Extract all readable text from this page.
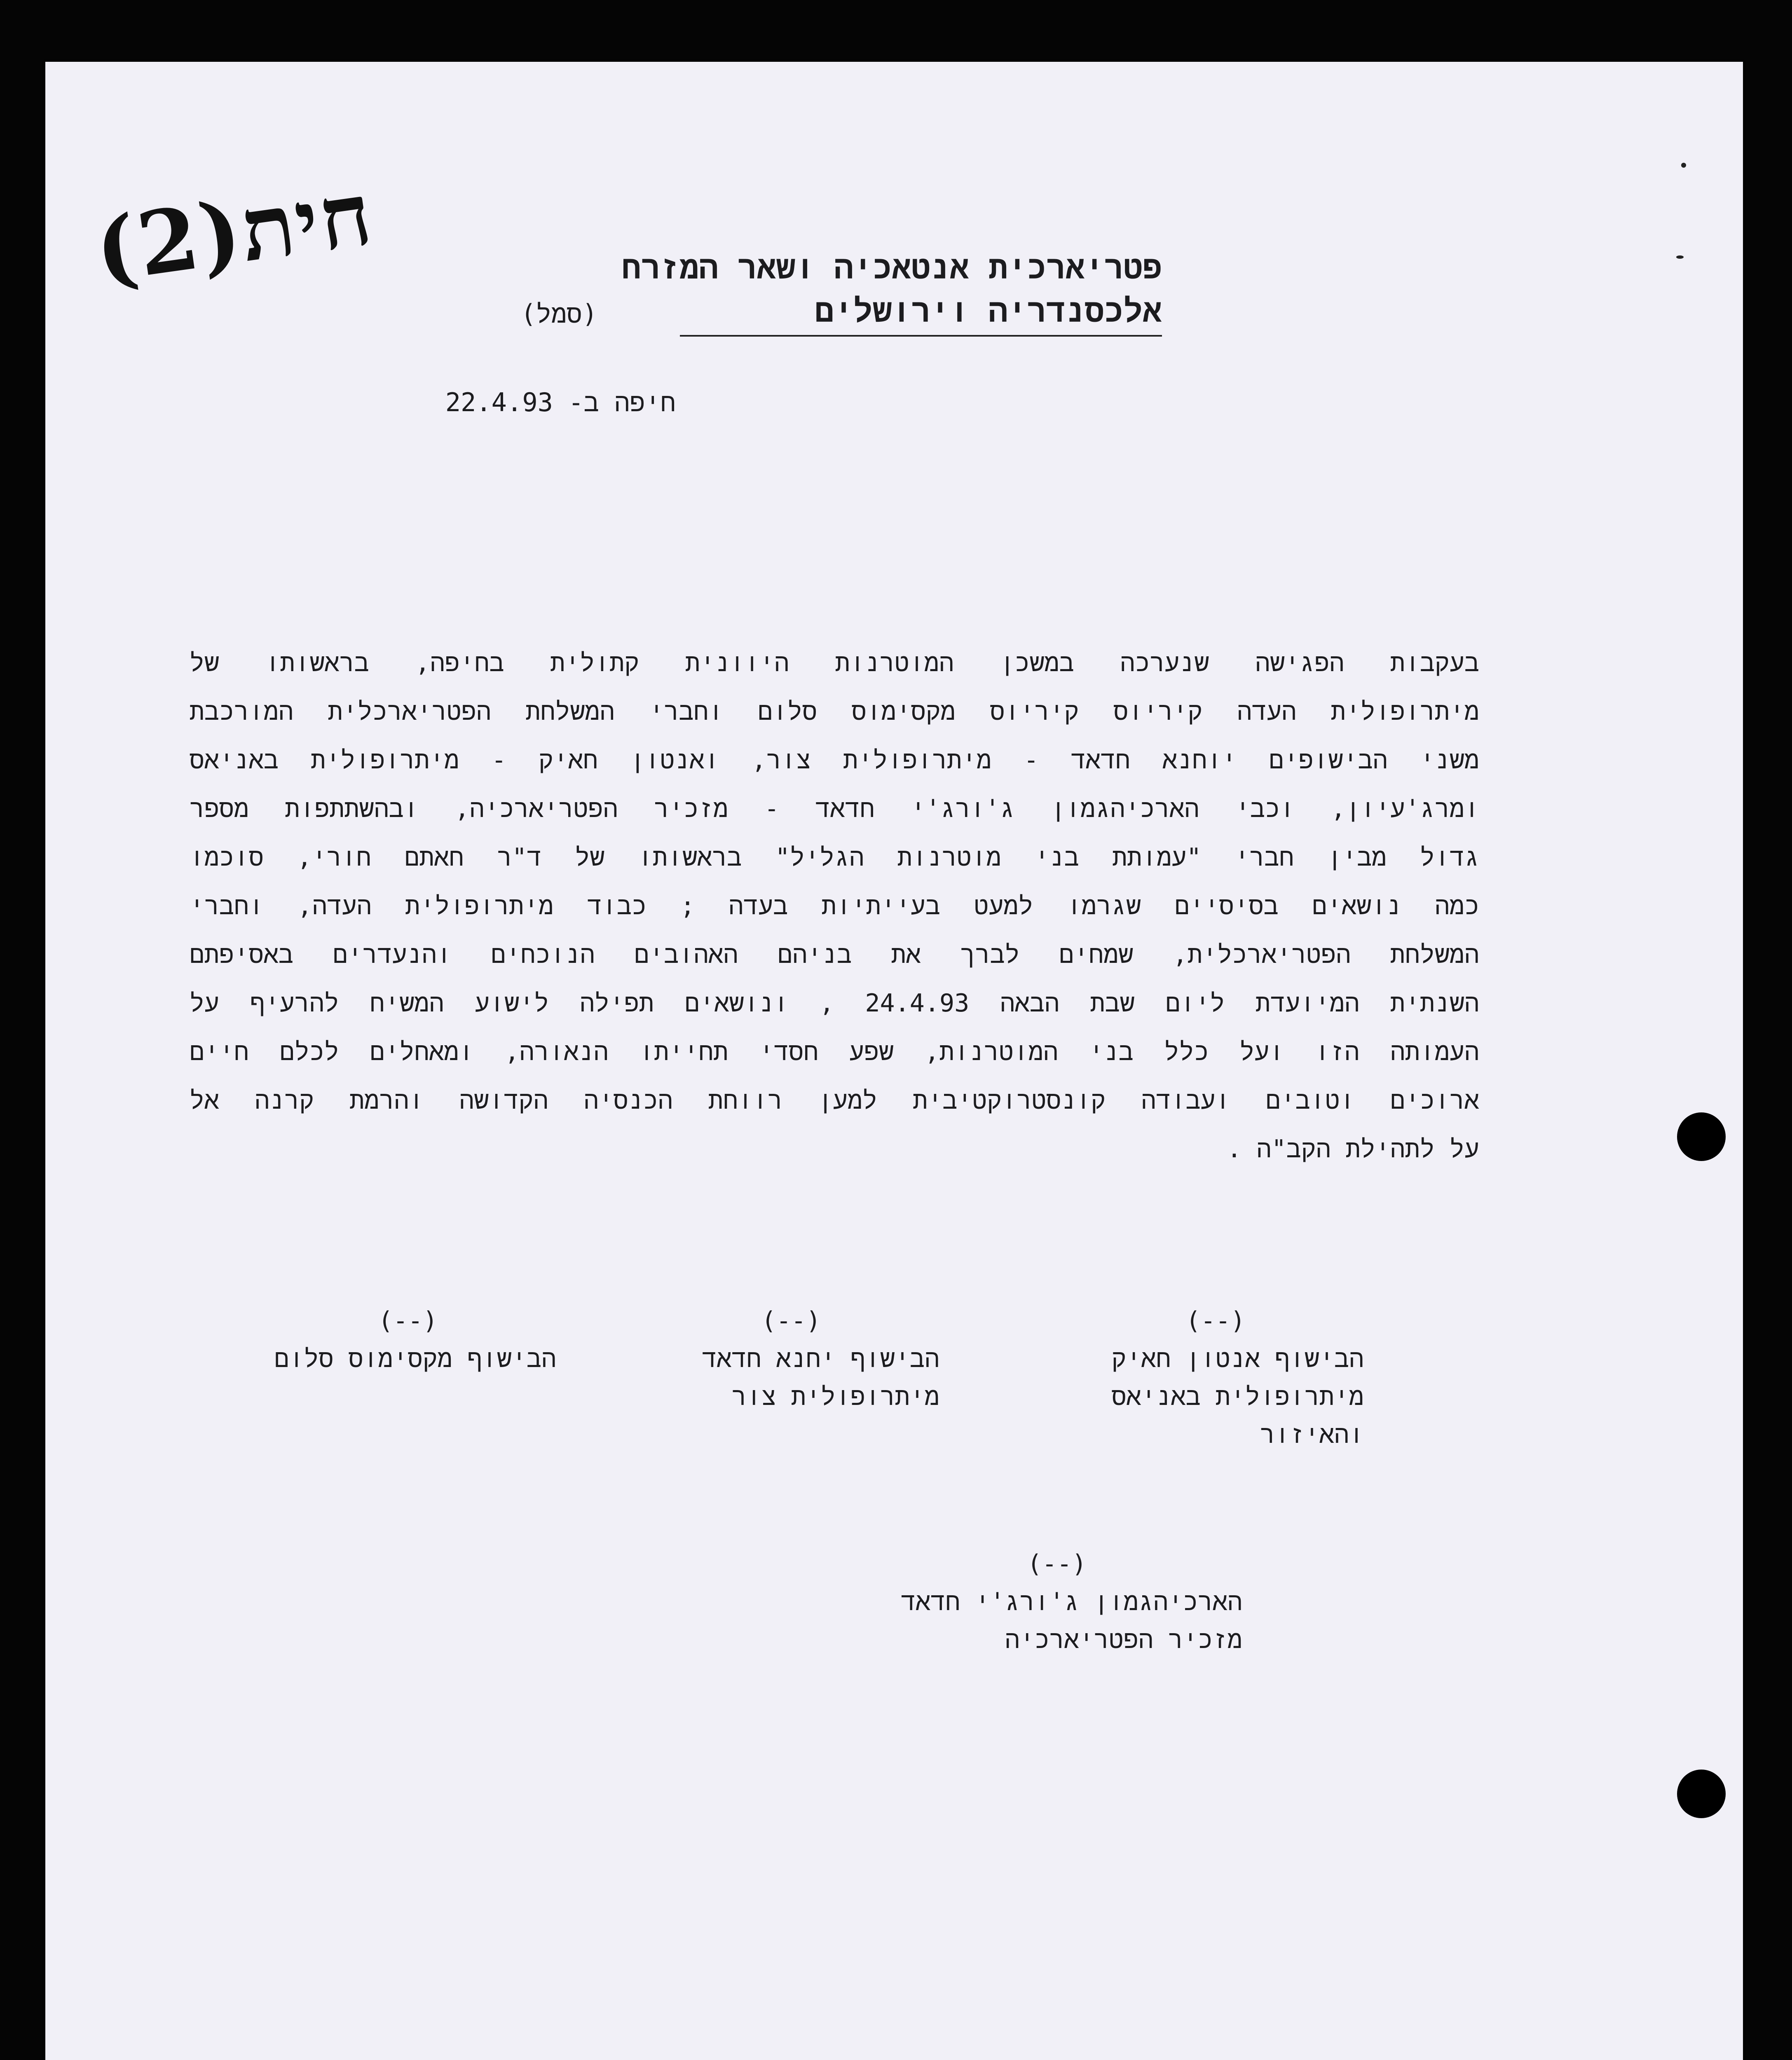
חית(2)	פטריארכית אנטאכיה ושאר המזרח
אלכסנדריה וירושלים
(סמל)
חיפה ב- 22.4.93
בעקבות הפגישה שנערכה במשכן המוטרנות היוונית קתולית בחיפה, בראשותו של
מיתרופולית העדה קיריוס קיריוס מקסימוס סלום וחברי המשלחת הפטריארכלית המורכבת
משני הבישופים יוחנא חדאד - מיתרופולית צור, ואנטון חאיק - מיתרופולית באניאס
ומרג'עיון, וכבי הארכיהגמון ג'ורג'י חדאד - מזכיר הפטריארכיה, ובהשתתפות מספר
גדול מבין חברי "עמותת בני מוטרנות הגליל" בראשותו של ד"ר חאתם חורי, סוכמו
כמה נושאים בסיסיים שגרמו למעט בעייתיות בעדה ; כבוד מיתרופולית העדה, וחברי
המשלחת הפטריארכלית, שמחים לברך את בניהם האהובים הנוכחים והנעדרים באסיפתם
השנתית המיועדת ליום שבת הבאה 24.4.93 , ונושאים תפילה לישוע המשיח להרעיף על
העמותה הזו ועל כלל בני המוטרנות, שפע חסדי תחייתו הנאורה, ומאחלים לכלם חיים
ארוכים וטובים ועבודה קונסטרוקטיבית למען רווחת הכנסיה הקדושה והרמת קרנה אל
על לתהילת הקב"ה .
(--)
הבישוף אנטון חאיק
מיתרופולית באניאס
והאיזור
(--)
הבישוף יחנא חדאד
מיתרופולית צור
(--)
הבישוף מקסימוס סלום
(--)
הארכיהגמון ג'ורג'י חדאד
מזכיר הפטריארכיה
